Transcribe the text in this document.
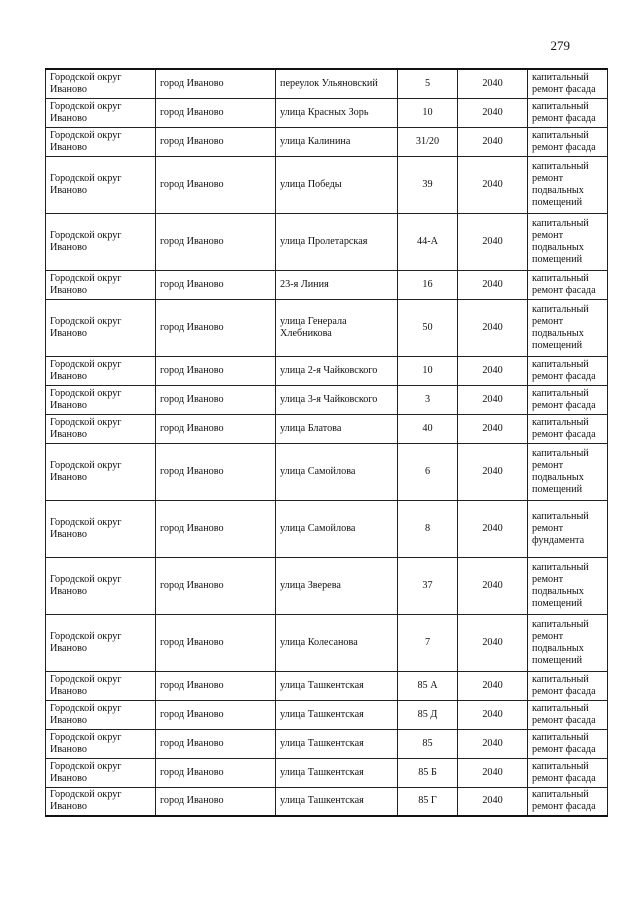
279
Городской округ Иваново	город Иваново	переулок Ульяновский	5	2040	капитальный ремонт фасада
Городской округ Иваново	город Иваново	улица Красных Зорь	10	2040	капитальный ремонт фасада
Городской округ Иваново	город Иваново	улица Калинина	31/20	2040	капитальный ремонт фасада
Городской округ Иваново	город Иваново	улица Победы	39	2040	капитальный ремонт подвальных помещений
Городской округ Иваново	город Иваново	улица Пролетарская	44-А	2040	капитальный ремонт подвальных помещений
Городской округ Иваново	город Иваново	23-я Линия	16	2040	капитальный ремонт фасада
Городской округ Иваново	город Иваново	улица Генерала Хлебникова	50	2040	капитальный ремонт подвальных помещений
Городской округ Иваново	город Иваново	улица 2-я Чайковского	10	2040	капитальный ремонт фасада
Городской округ Иваново	город Иваново	улица 3-я Чайковского	3	2040	капитальный ремонт фасада
Городской округ Иваново	город Иваново	улица Блатова	40	2040	капитальный ремонт фасада
Городской округ Иваново	город Иваново	улица Самойлова	6	2040	капитальный ремонт подвальных помещений
Городской округ Иваново	город Иваново	улица Самойлова	8	2040	капитальный ремонт фундамента
Городской округ Иваново	город Иваново	улица Зверева	37	2040	капитальный ремонт подвальных помещений
Городской округ Иваново	город Иваново	улица Колесанова	7	2040	капитальный ремонт подвальных помещений
Городской округ Иваново	город Иваново	улица Ташкентская	85 А	2040	капитальный ремонт фасада
Городской округ Иваново	город Иваново	улица Ташкентская	85 Д	2040	капитальный ремонт фасада
Городской округ Иваново	город Иваново	улица Ташкентская	85	2040	капитальный ремонт фасада
Городской округ Иваново	город Иваново	улица Ташкентская	85 Б	2040	капитальный ремонт фасада
Городской округ Иваново	город Иваново	улица Ташкентская	85 Г	2040	капитальный ремонт фасада
